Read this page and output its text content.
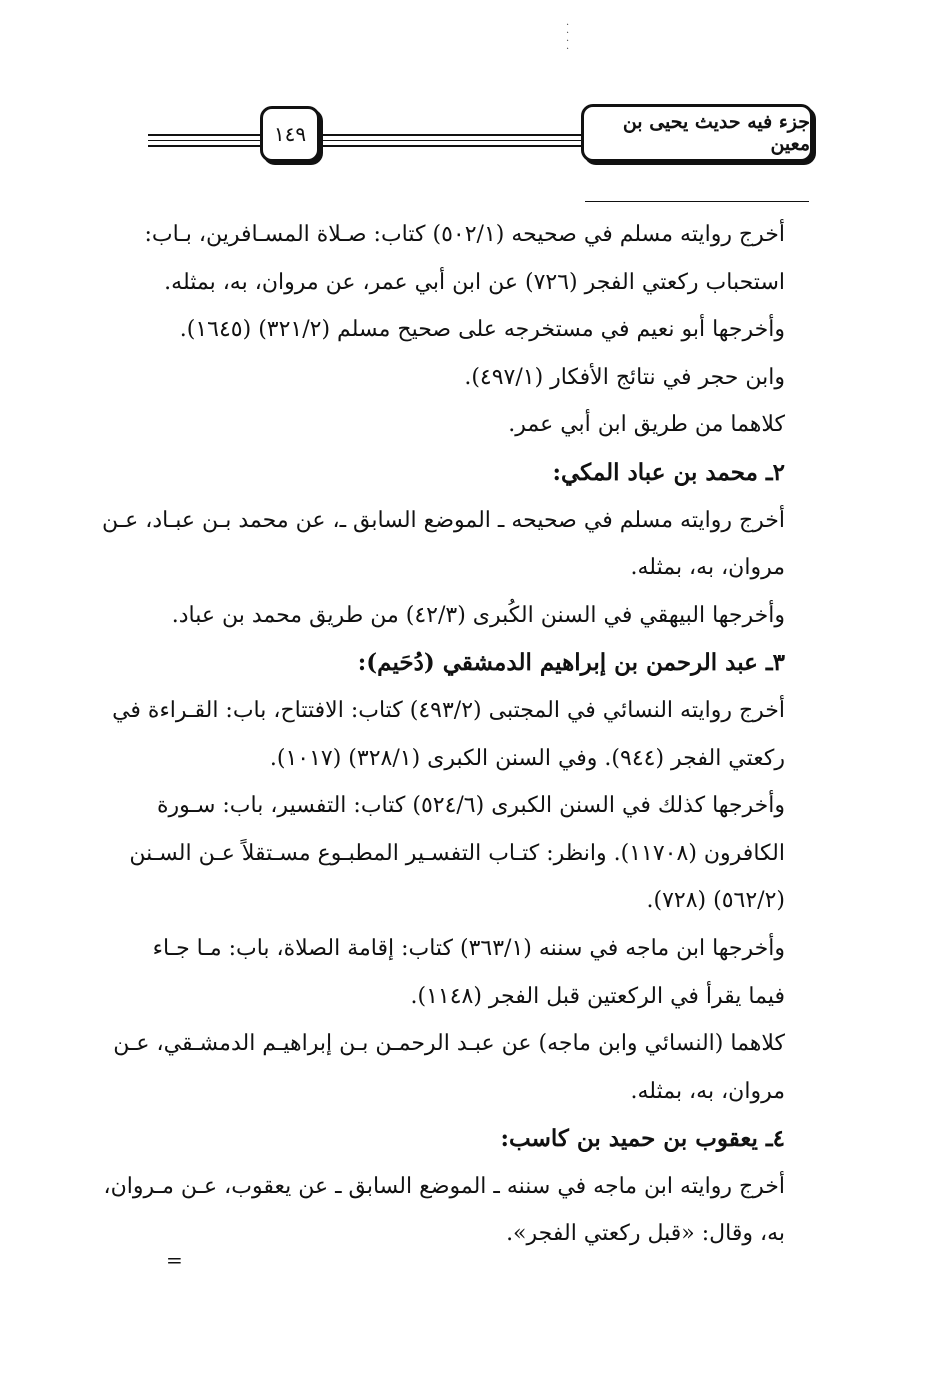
·
·
·
·
١٤٩	جزء فيه حديث يحيى بن معين
أخرج روايته مسلم في صحيحه (٥٠٢/١) كتاب: صـلاة المسـافرين، بـاب:
استحباب ركعتي الفجر (٧٢٦) عن ابن أبي عمر، عن مروان، به، بمثله.
وأخرجها أبو نعيم في مستخرجه على صحيح مسلم (٣٢١/٢) (١٦٤٥).
وابن حجر في نتائج الأفكار (٤٩٧/١).
كلاهما من طريق ابن أبي عمر.
٢ـ محمد بن عباد المكي:
أخرج روايته مسلم في صحيحه ـ الموضع السابق ـ، عن محمد بـن عبـاد، عـن
مروان، به، بمثله.
وأخرجها البيهقي في السنن الكُبرى (٤٢/٣) من طريق محمد بن عباد.
٣ـ عبد الرحمن بن إبراهيم الدمشقي (دُحَيم):
أخرج روايته النسائي في المجتبى (٤٩٣/٢) كتاب: الافتتاح، باب: القـراءة في
ركعتي الفجر (٩٤٤). وفي السنن الكبرى (٣٢٨/١) (١٠١٧).
وأخرجها كذلك في السنن الكبرى (٥٢٤/٦) كتاب: التفسير، باب: سـورة
الكافرون (١١٧٠٨). وانظر: كتـاب التفسـير المطبـوع مسـتقلاً عـن السـنن
(٥٦٢/٢) (٧٢٨).
وأخرجها ابن ماجه في سننه (٣٦٣/١) كتاب: إقامة الصلاة، باب: مـا جـاء
فيما يقرأ في الركعتين قبل الفجر (١١٤٨).
كلاهما (النسائي وابن ماجه) عن عبـد الرحمـن بـن إبراهيـم الدمشـقي، عـن
مروان، به، بمثله.
٤ـ يعقوب بن حميد بن كاسب:
أخرج روايته ابن ماجه في سننه ـ الموضع السابق ـ عن يعقوب، عـن مـروان،
به، وقال: «قبل ركعتي الفجر».
=
